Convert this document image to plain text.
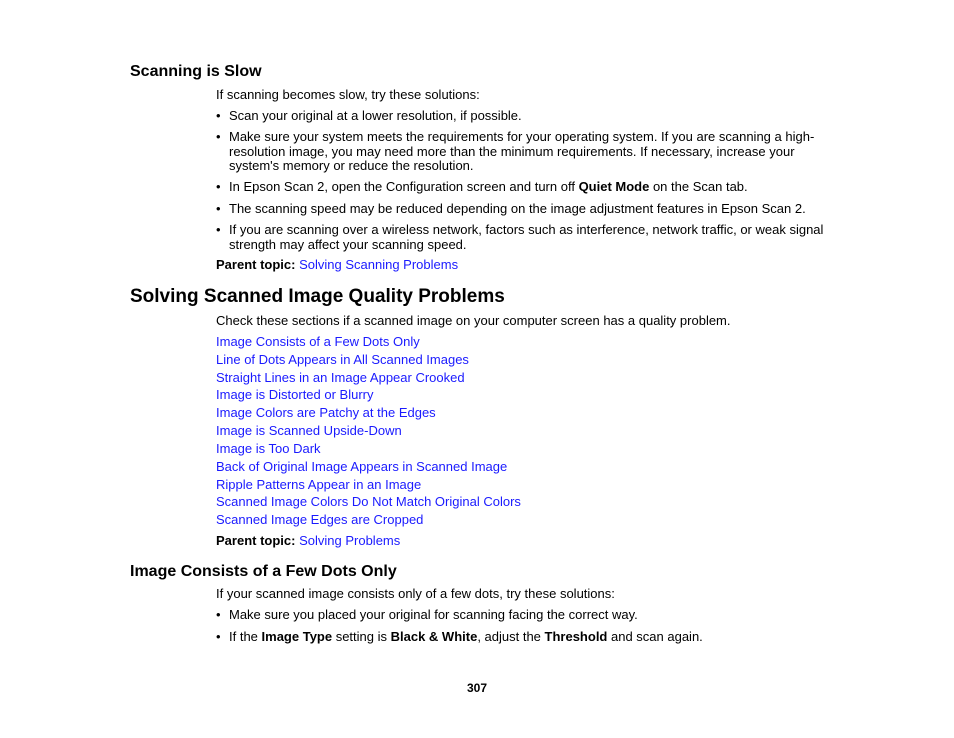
Scanning is Slow

If scanning becomes slow, try these solutions:

• Scan your original at a lower resolution, if possible.
• Make sure your system meets the requirements for your operating system. If you are scanning a high-resolution image, you may need more than the minimum requirements. If necessary, increase your system's memory or reduce the resolution.
• In Epson Scan 2, open the Configuration screen and turn off Quiet Mode on the Scan tab.
• The scanning speed may be reduced depending on the image adjustment features in Epson Scan 2.
• If you are scanning over a wireless network, factors such as interference, network traffic, or weak signal strength may affect your scanning speed.
Parent topic: Solving Scanning Problems
Solving Scanned Image Quality Problems

Check these sections if a scanned image on your computer screen has a quality problem.

Image Consists of a Few Dots Only
Line of Dots Appears in All Scanned Images
Straight Lines in an Image Appear Crooked
Image is Distorted or Blurry
Image Colors are Patchy at the Edges
Image is Scanned Upside-Down
Image is Too Dark
Back of Original Image Appears in Scanned Image
Ripple Patterns Appear in an Image
Scanned Image Colors Do Not Match Original Colors
Scanned Image Edges are Cropped
Parent topic: Solving Problems
Image Consists of a Few Dots Only

If your scanned image consists only of a few dots, try these solutions:

• Make sure you placed your original for scanning facing the correct way.
• If the Image Type setting is Black & White, adjust the Threshold and scan again.
307
